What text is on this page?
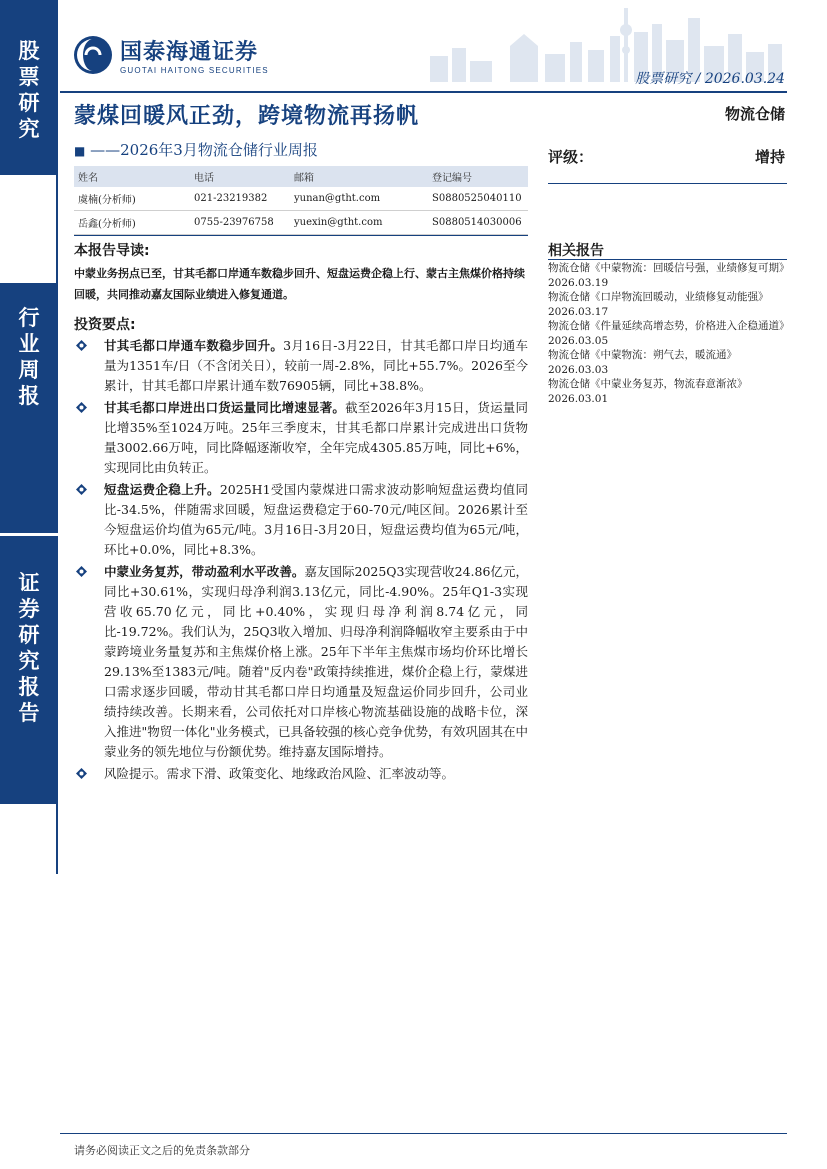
股票研究
行业周报
证券研究报告
国泰海通证券
GUOTAI HAITONG SECURITIES
股票研究 / 2026.03.24
蒙煤回暖风正劲，跨境物流再扬帆
■ ——2026年3月物流仓储行业周报
物流仓储
评级：	增持
姓名	电话	邮箱	登记编号
虞楠(分析师)	021-23219382	yunan@gtht.com	S0880525040110
岳鑫(分析师)	0755-23976758	yuexin@gtht.com	S0880514030006
本报告导读:
中蒙业务拐点已至，甘其毛都口岸通车数稳步回升、短盘运费企稳上行、蒙古主焦煤价格持续回暖，共同推动嘉友国际业绩进入修复通道。
投资要点:
甘其毛都口岸通车数稳步回升。3月16日-3月22日，甘其毛都口岸日均通车量为1351车/日（不含闭关日），较前一周-2.8%，同比+55.7%。2026至今累计，甘其毛都口岸累计通车数76905辆，同比+38.8%。
甘其毛都口岸进出口货运量同比增速显著。截至2026年3月15日，货运量同比增35%至1024万吨。25年三季度末，甘其毛都口岸累计完成进出口货物量3002.66万吨，同比降幅逐渐收窄，全年完成4305.85万吨，同比+6%，实现同比由负转正。
短盘运费企稳上升。2025H1受国内蒙煤进口需求波动影响短盘运费均值同比-34.5%，伴随需求回暖，短盘运费稳定于60-70元/吨区间。2026累计至今短盘运价均值为65元/吨。3月16日-3月20日，短盘运费均值为65元/吨，环比+0.0%，同比+8.3%。
中蒙业务复苏，带动盈利水平改善。嘉友国际2025Q3实现营收24.86亿元，同比+30.61%，实现归母净利润3.13亿元，同比-4.90%。25年Q1-3实现营收65.70亿元，同比+0.40%，实现归母净利润8.74亿元，同比-19.72%。我们认为，25Q3收入增加、归母净利润降幅收窄主要系由于中蒙跨境业务量复苏和主焦煤价格上涨。25年下半年主焦煤市场均价环比增长29.13%至1383元/吨。随着"反内卷"政策持续推进，煤价企稳上行，蒙煤进口需求逐步回暖，带动甘其毛都口岸日均通量及短盘运价同步回升，公司业绩持续改善。长期来看，公司依托对口岸核心物流基础设施的战略卡位，深入推进"物贸一体化"业务模式，已具备较强的核心竞争优势，有效巩固其在中蒙业务的领先地位与份额优势。维持嘉友国际增持。
风险提示。需求下滑、政策变化、地缘政治风险、汇率波动等。
相关报告

物流仓储《中蒙物流：回暖信号强，业绩修复可期》2026.03.19

物流仓储《口岸物流回暖动，业绩修复动能强》2026.03.17

物流仓储《件量延续高增态势，价格进入企稳通道》2026.03.05

物流仓储《中蒙物流：朔气去，暖流通》2026.03.03

物流仓储《中蒙业务复苏，物流春意渐浓》2026.03.01

请务必阅读正文之后的免责条款部分
